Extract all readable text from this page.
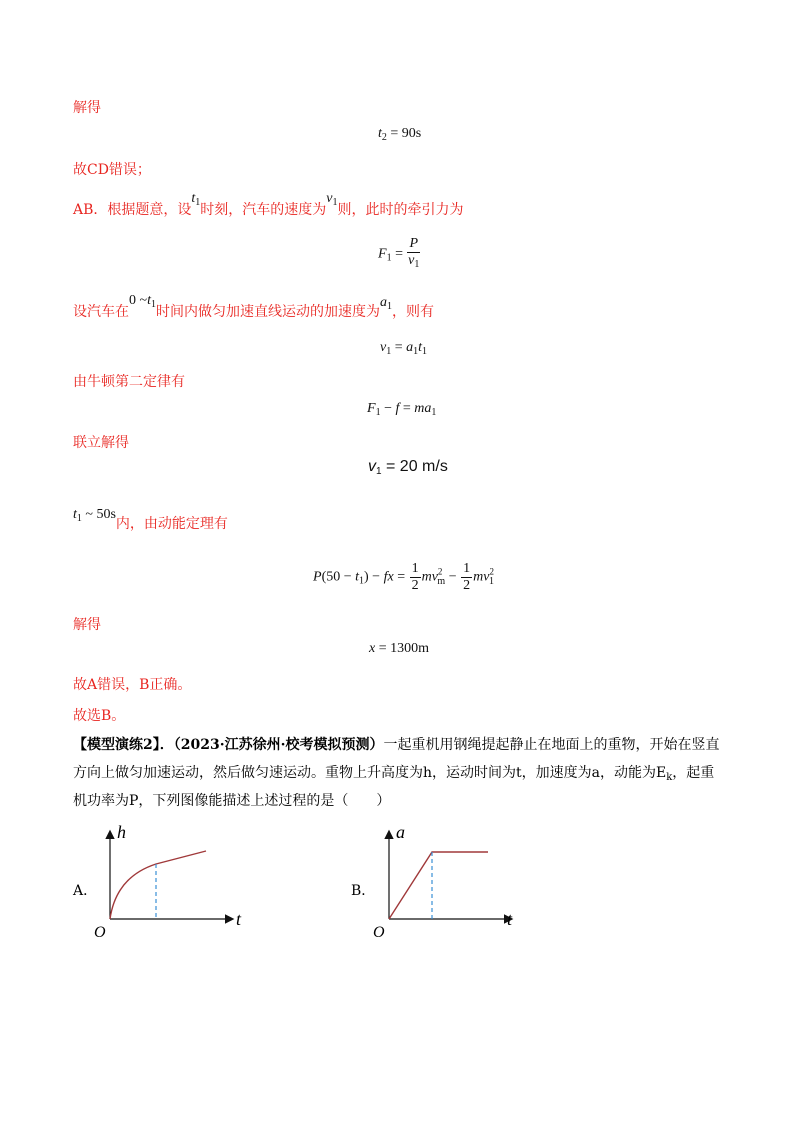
解得
$t_2 = 90s$
故CD错误；
AB．根据题意，设$t_1$时刻，汽车的速度为$v_1$则，此时的牵引力为
$F_1 = \frac{P}{v_1}$
设汽车在0 $\sim t_1$时间内做匀加速直线运动的加速度为$a_1$，则有
$v_1 = a_1t_1$
由牛顿第二定律有
$F_1 - f = ma_1$
联立解得
$v_1 = 20$ m/s
$t_1$ ~ 50s内，由动能定理有
$P(50 - t_1)$ − fx = $\frac{1}{2} mv^2_m - \frac{1}{2} mv^2_1$
解得
x = 1300m
故A错误，B正确。
故选B。
【模型演练2】．（2023·江苏徐州·校考模拟预测）一起重机用钢绳提起静止在地面上的重物，开始在竖直
方向上做匀加速运动，然后做匀速运动。重物上升高度为h，运动时间为t，加速度为a，动能为$E_k$，起重
机功率为P，下列图像能描述上述过程的是（　　）
A．
h
t
O
B．
a
t
O
